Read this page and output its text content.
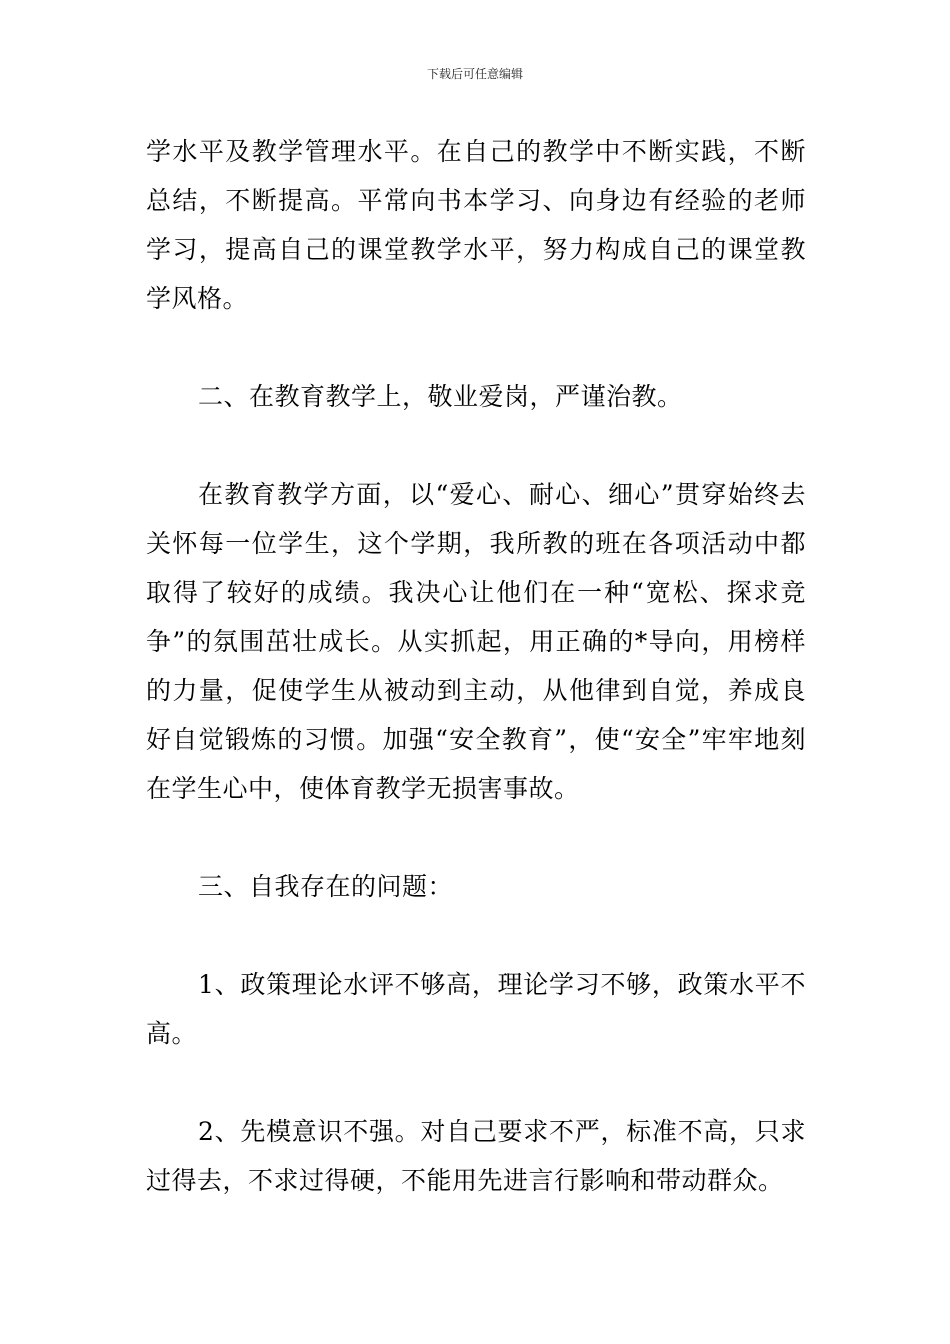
下载后可任意编辑

学水平及教学管理水平。在自己的教学中不断实践，不断总结，不断提高。平常向书本学习、向身边有经验的老师学习，提高自己的课堂教学水平，努力构成自己的课堂教学风格。

二、在教育教学上，敬业爱岗，严谨治教。

在教育教学方面，以“爱心、耐心、细心”贯穿始终去关怀每一位学生，这个学期，我所教的班在各项活动中都取得了较好的成绩。我决心让他们在一种“宽松、探求竞争”的氛围茁壮成长。从实抓起，用正确的*导向，用榜样的力量，促使学生从被动到主动，从他律到自觉，养成良好自觉锻炼的习惯。加强“安全教育”，使“安全”牢牢地刻在学生心中，使体育教学无损害事故。

三、自我存在的问题：

1、政策理论水评不够高，理论学习不够，政策水平不高。

2、先模意识不强。对自己要求不严，标准不高，只求过得去，不求过得硬，不能用先进言行影响和带动群众。
